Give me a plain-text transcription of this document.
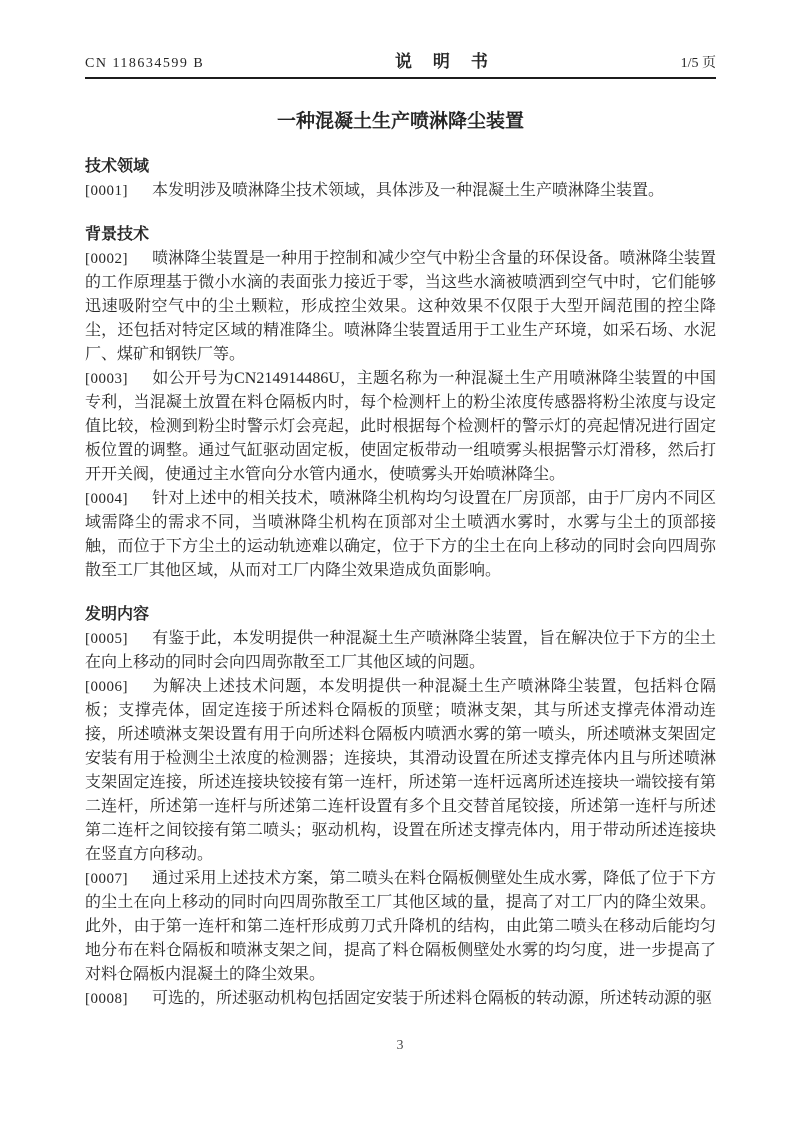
CN 118634599 B	说　明　书	1/5 页
一种混凝土生产喷淋降尘装置
技术领域

[0001] 本发明涉及喷淋降尘技术领域，具体涉及一种混凝土生产喷淋降尘装置。

背景技术

[0002] 喷淋降尘装置是一种用于控制和减少空气中粉尘含量的环保设备。喷淋降尘装置的工作原理基于微小水滴的表面张力接近于零，当这些水滴被喷洒到空气中时，它们能够迅速吸附空气中的尘土颗粒，形成控尘效果。这种效果不仅限于大型开阔范围的控尘降尘，还包括对特定区域的精准降尘。喷淋降尘装置适用于工业生产环境，如采石场、水泥厂、煤矿和钢铁厂等。

[0003] 如公开号为CN214914486U，主题名称为一种混凝土生产用喷淋降尘装置的中国专利，当混凝土放置在料仓隔板内时，每个检测杆上的粉尘浓度传感器将粉尘浓度与设定值比较，检测到粉尘时警示灯会亮起，此时根据每个检测杆的警示灯的亮起情况进行固定板位置的调整。通过气缸驱动固定板，使固定板带动一组喷雾头根据警示灯滑移，然后打开开关阀，使通过主水管向分水管内通水，使喷雾头开始喷淋降尘。

[0004] 针对上述中的相关技术，喷淋降尘机构均匀设置在厂房顶部，由于厂房内不同区域需降尘的需求不同，当喷淋降尘机构在顶部对尘土喷洒水雾时，水雾与尘土的顶部接触，而位于下方尘土的运动轨迹难以确定，位于下方的尘土在向上移动的同时会向四周弥散至工厂其他区域，从而对工厂内降尘效果造成负面影响。

发明内容

[0005] 有鉴于此，本发明提供一种混凝土生产喷淋降尘装置，旨在解决位于下方的尘土在向上移动的同时会向四周弥散至工厂其他区域的问题。

[0006] 为解决上述技术问题，本发明提供一种混凝土生产喷淋降尘装置，包括料仓隔板；支撑壳体，固定连接于所述料仓隔板的顶壁；喷淋支架，其与所述支撑壳体滑动连接，所述喷淋支架设置有用于向所述料仓隔板内喷洒水雾的第一喷头，所述喷淋支架固定安装有用于检测尘土浓度的检测器；连接块，其滑动设置在所述支撑壳体内且与所述喷淋支架固定连接，所述连接块铰接有第一连杆，所述第一连杆远离所述连接块一端铰接有第二连杆，所述第一连杆与所述第二连杆设置有多个且交替首尾铰接，所述第一连杆与所述第二连杆之间铰接有第二喷头；驱动机构，设置在所述支撑壳体内，用于带动所述连接块在竖直方向移动。

[0007] 通过采用上述技术方案，第二喷头在料仓隔板侧壁处生成水雾，降低了位于下方的尘土在向上移动的同时向四周弥散至工厂其他区域的量，提高了对工厂内的降尘效果。此外，由于第一连杆和第二连杆形成剪刀式升降机的结构，由此第二喷头在移动后能均匀地分布在料仓隔板和喷淋支架之间，提高了料仓隔板侧壁处水雾的均匀度，进一步提高了对料仓隔板内混凝土的降尘效果。

[0008] 可选的，所述驱动机构包括固定安装于所述料仓隔板的转动源，所述转动源的驱

3
